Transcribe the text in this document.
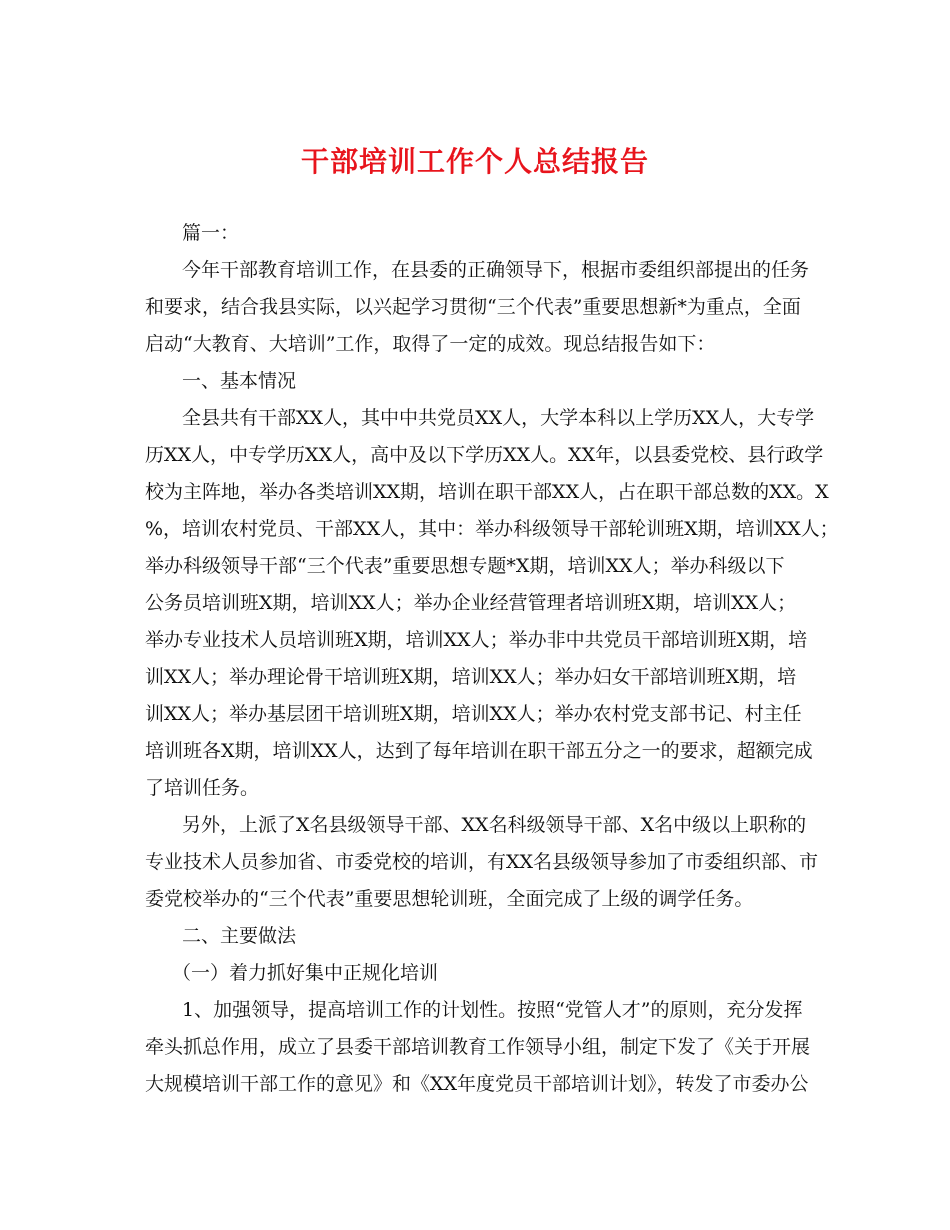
干部培训工作个人总结报告

篇一：

今年干部教育培训工作，在县委的正确领导下，根据市委组织部提出的任务

和要求，结合我县实际，以兴起学习贯彻“三个代表”重要思想新*为重点，全面

启动“大教育、大培训”工作，取得了一定的成效。现总结报告如下：

一、基本情况

全县共有干部XX人，其中中共党员XX人，大学本科以上学历XX人，大专学

历XX人，中专学历XX人，高中及以下学历XX人。XX年，以县委党校、县行政学

校为主阵地，举办各类培训XX期，培训在职干部XX人，占在职干部总数的XX。X

%，培训农村党员、干部XX人，其中：举办科级领导干部轮训班X期，培训XX人；

举办科级领导干部“三个代表”重要思想专题*X期，培训XX人；举办科级以下

公务员培训班X期，培训XX人；举办企业经营管理者培训班X期，培训XX人；

举办专业技术人员培训班X期，培训XX人；举办非中共党员干部培训班X期，培

训XX人；举办理论骨干培训班X期，培训XX人；举办妇女干部培训班X期，培

训XX人；举办基层团干培训班X期，培训XX人；举办农村党支部书记、村主任

培训班各X期，培训XX人，达到了每年培训在职干部五分之一的要求，超额完成

了培训任务。

另外，上派了X名县级领导干部、XX名科级领导干部、X名中级以上职称的

专业技术人员参加省、市委党校的培训，有XX名县级领导参加了市委组织部、市

委党校举办的“三个代表”重要思想轮训班，全面完成了上级的调学任务。

二、主要做法

（一）着力抓好集中正规化培训

1、加强领导，提高培训工作的计划性。按照“党管人才”的原则，充分发挥

牵头抓总作用，成立了县委干部培训教育工作领导小组，制定下发了《关于开展

大规模培训干部工作的意见》和《XX年度党员干部培训计划》，转发了市委办公
